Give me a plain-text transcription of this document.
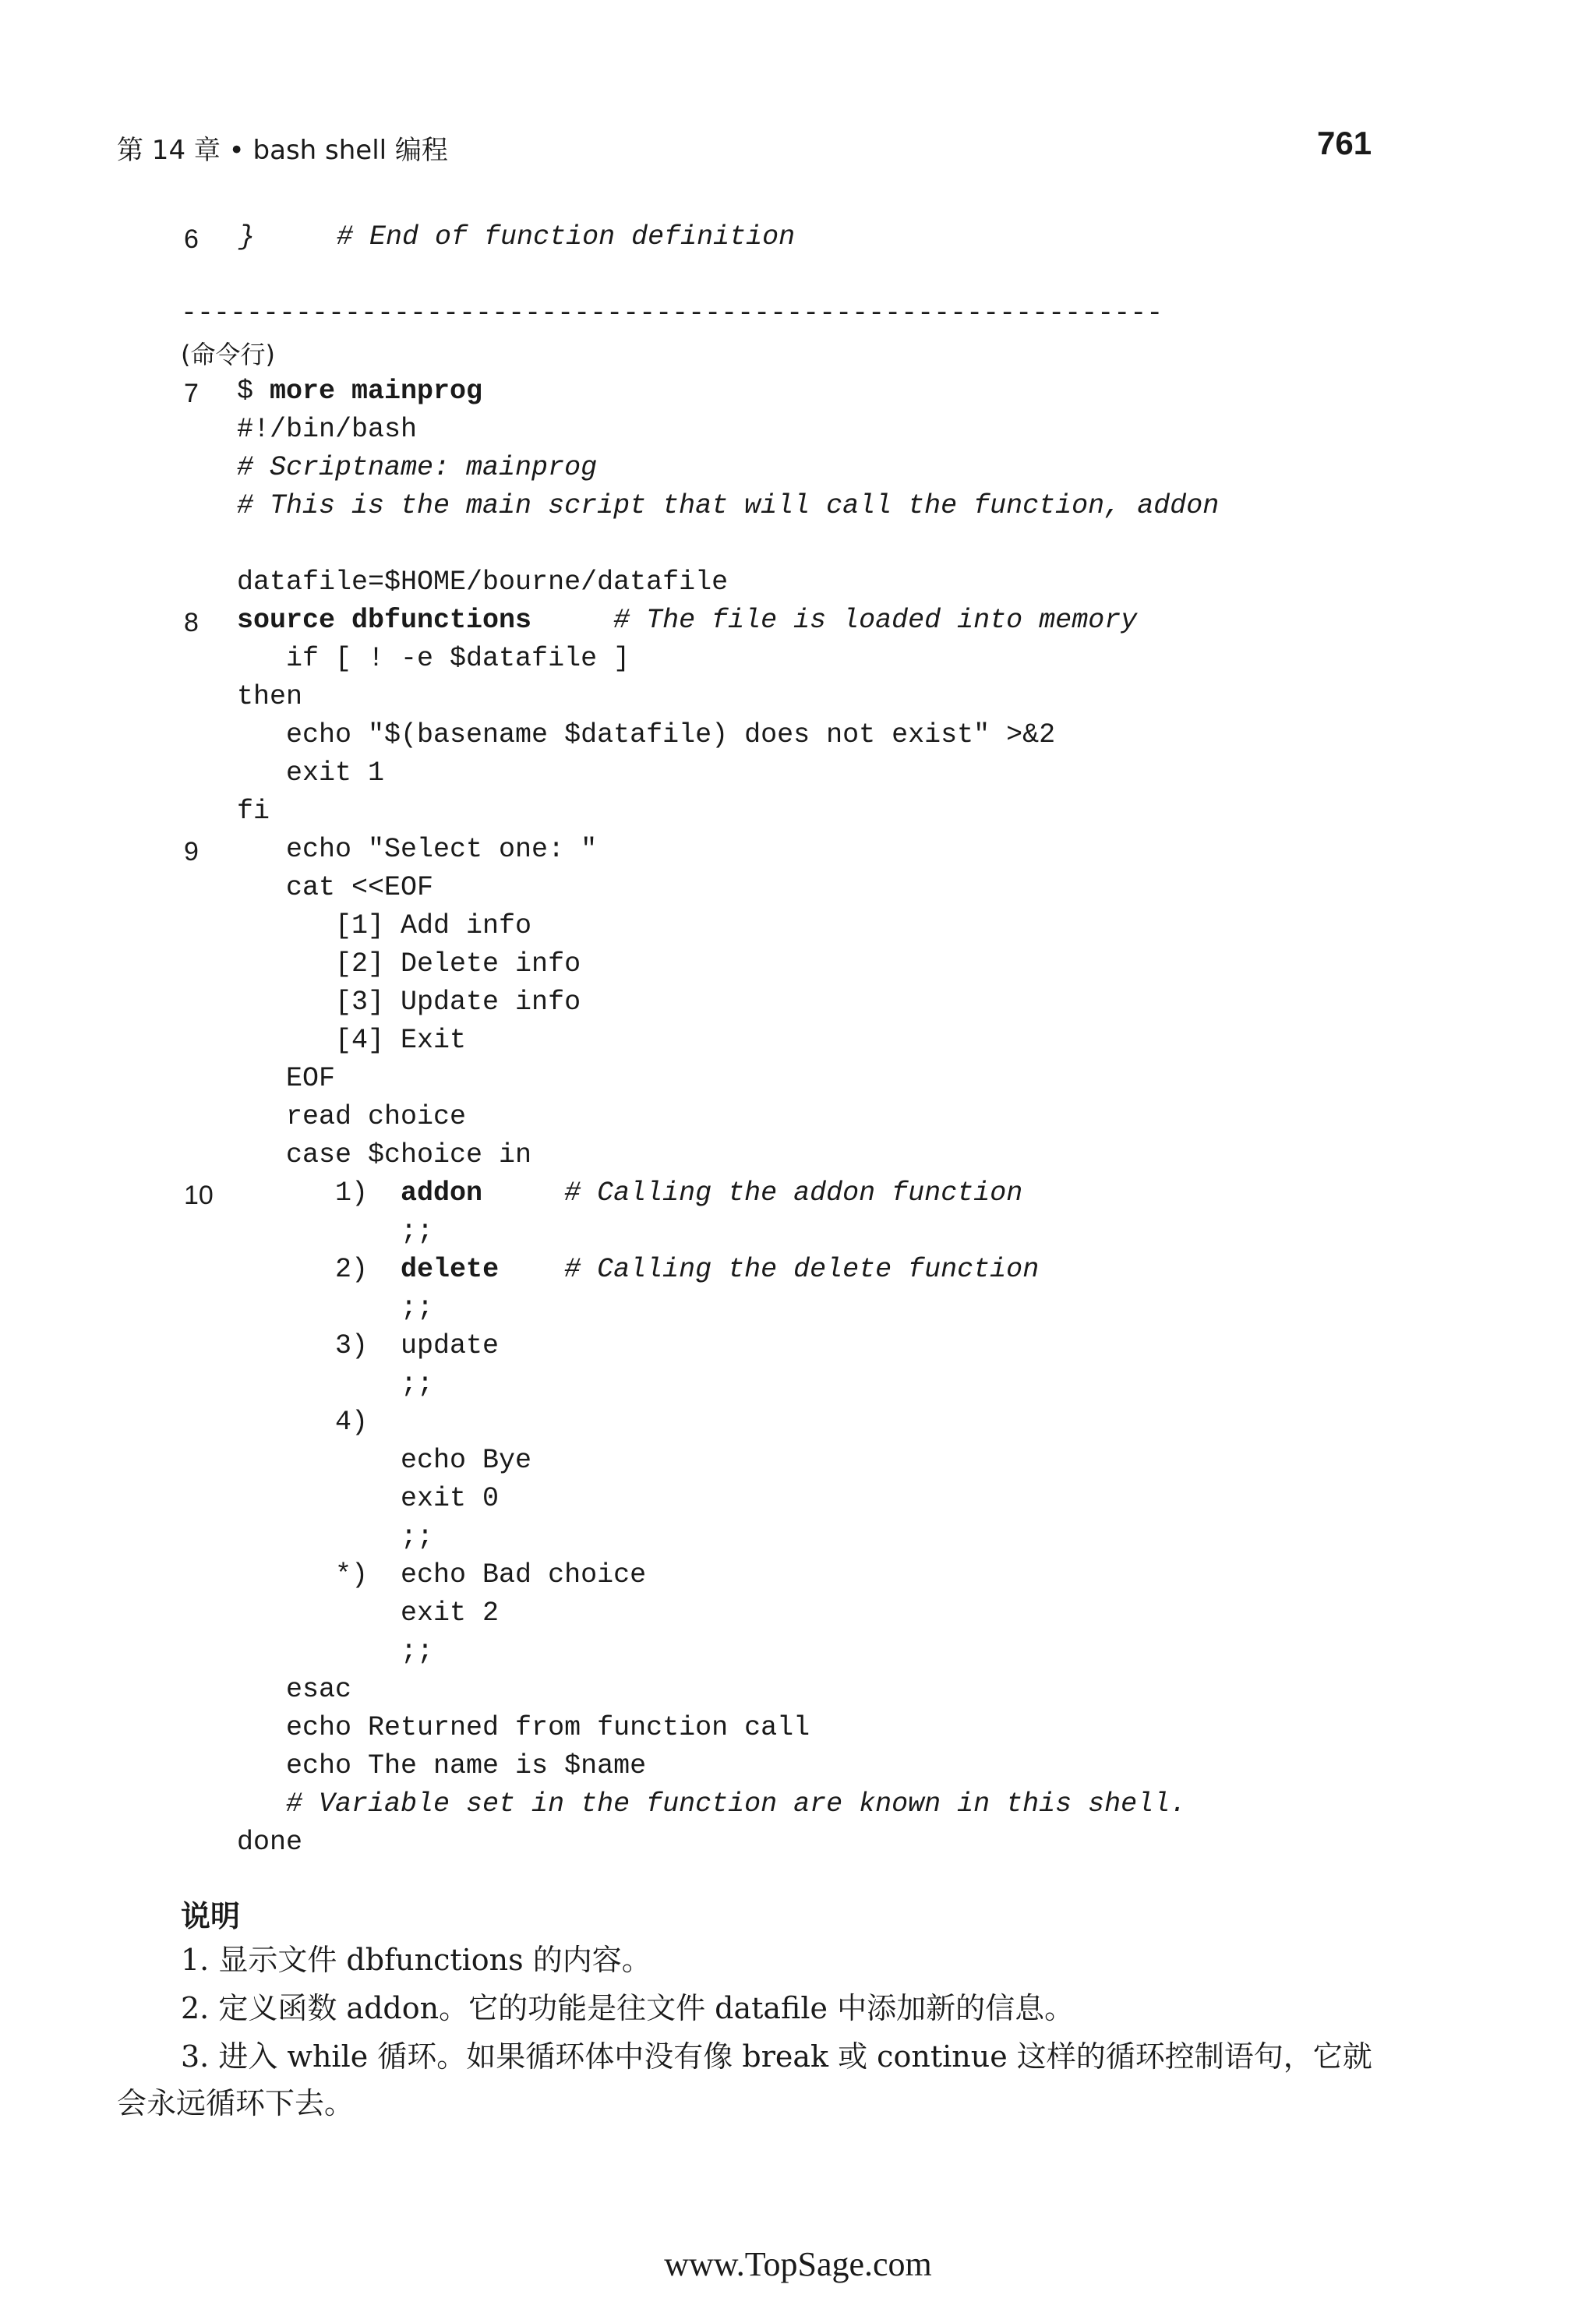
第 14 章 • bash shell 编程	761
6 }     # End of function definition
------------------------------------------------------------
(命令行)
7 $ more mainprog
#!/bin/bash
# Scriptname: mainprog
# This is the main script that will call the function, addon
datafile=$HOME/bourne/datafile
8 source dbfunctions	# The file is loaded into memory
if [ ! -e $datafile ]
then
echo "$(basename $datafile) does not exist" >&2
exit 1
fi
9 echo "Select one: "
cat <<EOF
[1] Add info
[2] Delete info
[3] Update info
[4] Exit
EOF
read choice
case $choice in
10 1)  addon	# Calling the addon function
;;
2)  delete # Calling the delete function
;;
3)  update
;;
4)
echo Bye
exit 0
;;
*)  echo Bad choice
exit 2
;;
esac
echo Returned from function call
echo The name is $name
# Variable set in the function are known in this shell.
done
说明
1. 显示文件 dbfunctions 的内容。
2. 定义函数 addon。它的功能是往文件 datafile 中添加新的信息。
3. 进入 while 循环。如果循环体中没有像 break 或 continue 这样的循环控制语句，它就
会永远循环下去。
www.TopSage.com
